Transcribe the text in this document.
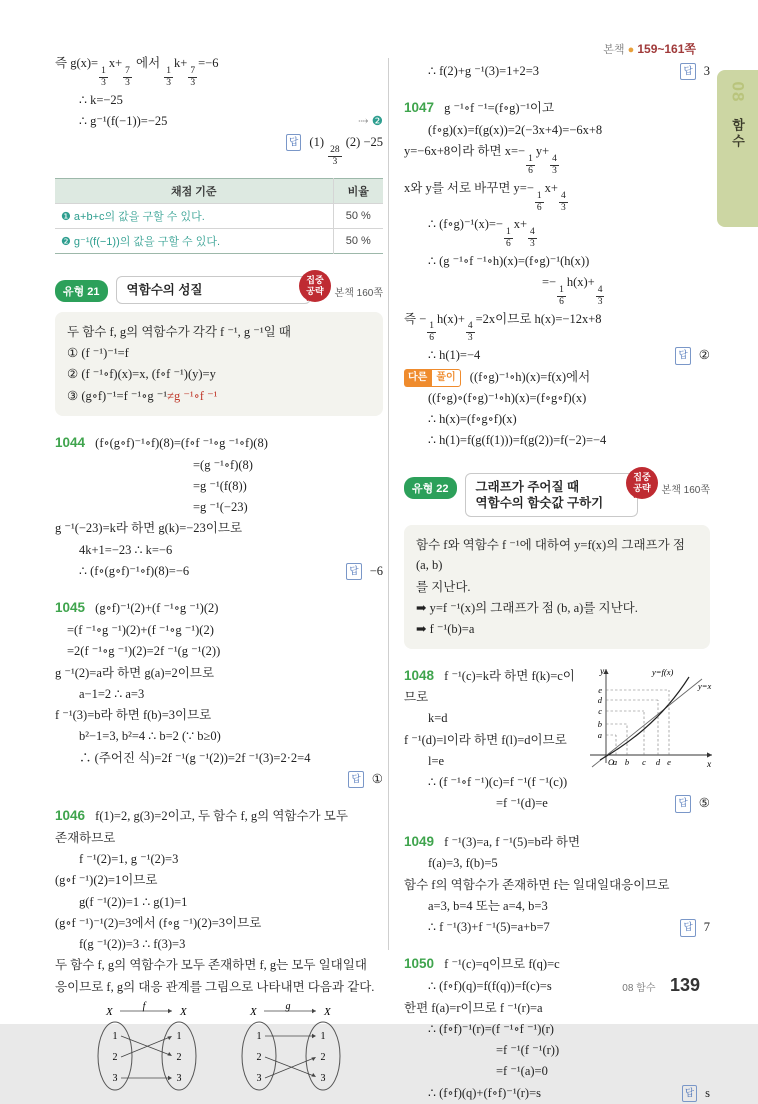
본책 ● 159~161쪽
08
함수
즉 g(x)=
$\frac{1}{3}$
x+
$\frac{7}{3}$
에서
$\frac{1}{3}$
k+
$\frac{7}{3}$
=−6
∴ k=−25
∴ g⁻¹(f(−1))=−25	⇢ ❷
답 (1)
$\frac{28}{3}$
(2) −25
채점 기준	비율
❶ a+b+c의 값을 구할 수 있다.	50 %
❷ g⁻¹(f(−1))의 값을 구할 수 있다.	50 %
유형 21	역함수의 성질
집중
공략	본책 160쪽
두 함수 f, g의 역함수가 각각 f ⁻¹, g ⁻¹일 때
① (f ⁻¹)⁻¹=f
② (f ⁻¹∘f)(x)=x, (f∘f ⁻¹)(y)=y
③ (g∘f)⁻¹=f ⁻¹∘g ⁻¹≠g ⁻¹∘f ⁻¹
1044 (f∘(g∘f)⁻¹∘f)(8)=(f∘f ⁻¹∘g ⁻¹∘f)(8)
=(g ⁻¹∘f)(8)
=g ⁻¹(f(8))
=g ⁻¹(−23)
g ⁻¹(−23)=k라 하면 g(k)=−23이므로
4k+1=−23 ∴ k=−6
∴ (f∘(g∘f)⁻¹∘f)(8)=−6	답 −6
1045 (g∘f)⁻¹(2)+(f ⁻¹∘g ⁻¹)(2)
=(f ⁻¹∘g ⁻¹)(2)+(f ⁻¹∘g ⁻¹)(2)
=2(f ⁻¹∘g ⁻¹)(2)=2f ⁻¹(g ⁻¹(2))
g ⁻¹(2)=a라 하면 g(a)=2이므로
a−1=2 ∴ a=3
f ⁻¹(3)=b라 하면 f(b)=3이므로
b²−1=3, b²=4 ∴ b=2 (∵ b≥0)
∴ (주어진 식)=2f ⁻¹(g ⁻¹(2))=2f ⁻¹(3)=2·2=4
답 ①
1046 f(1)=2, g(3)=2이고, 두 함수 f, g의 역함수가 모두
존재하므로
f ⁻¹(2)=1, g ⁻¹(2)=3
(g∘f ⁻¹)(2)=1이므로
g(f ⁻¹(2))=1 ∴ g(1)=1
(g∘f ⁻¹)⁻¹(2)=3에서 (f∘g ⁻¹)(2)=3이므로
f(g ⁻¹(2))=3 ∴ f(3)=3
두 함수 f, g의 역함수가 모두 존재하면 f, g는 모두 일대일대
응이므로 f, g의 대응 관계를 그림으로 나타내면 다음과 같다.
X	X
f
1
2
3
1
2
3
X	X
g
1
2
3
1
2
3
∴ f(2)+g ⁻¹(3)=1+2=3	답 3
1047 g ⁻¹∘f ⁻¹=(f∘g)⁻¹이고
(f∘g)(x)=f(g(x))=2(−3x+4)=−6x+8
y=−6x+8이라 하면 x=−
$\frac{1}{6}$
y+
$\frac{4}{3}$
x와 y를 서로 바꾸면 y=−
$\frac{1}{6}$
x+
$\frac{4}{3}$
∴ (f∘g)⁻¹(x)=−
$\frac{1}{6}$
x+
$\frac{4}{3}$
∴ (g ⁻¹∘f ⁻¹∘h)(x)=(f∘g)⁻¹(h(x))
=−
$\frac{1}{6}$
h(x)+
$\frac{4}{3}$
즉 −
$\frac{1}{6}$
h(x)+
$\frac{4}{3}$
=2x이므로 h(x)=−12x+8
∴ h(1)=−4	답 ②
다른 풀이	((f∘g)⁻¹∘h)(x)=f(x)에서
((f∘g)∘(f∘g)⁻¹∘h)(x)=(f∘g∘f)(x)
∴ h(x)=(f∘g∘f)(x)
∴ h(1)=f(g(f(1)))=f(g(2))=f(−2)=−4
유형 22	그래프가 주어질 때
역함수의 함숫값 구하기
집중
공략	본책 160쪽
함수 f와 역함수 f ⁻¹에 대하여 y=f(x)의 그래프가 점 (a, b)
를 지난다.
➡ y=f ⁻¹(x)의 그래프가 점 (b, a)를 지난다.
➡ f ⁻¹(b)=a
y
x
O
y=x
y=f(x)
a b c d e
a
b
c
d
e
1048 f ⁻¹(c)=k라 하면 f(k)=c이므로
k=d
f ⁻¹(d)=l이라 하면 f(l)=d이므로
l=e
∴ (f ⁻¹∘f ⁻¹)(c)=f ⁻¹(f ⁻¹(c))
=f ⁻¹(d)=e	답 ⑤
1049 f ⁻¹(3)=a, f ⁻¹(5)=b라 하면
f(a)=3, f(b)=5
함수 f의 역함수가 존재하면 f는 일대일대응이므로
a=3, b=4 또는 a=4, b=3
∴ f ⁻¹(3)+f ⁻¹(5)=a+b=7	답 7
1050 f ⁻¹(c)=q이므로 f(q)=c
∴ (f∘f)(q)=f(f(q))=f(c)=s
한편 f(a)=r이므로 f ⁻¹(r)=a
∴ (f∘f)⁻¹(r)=(f ⁻¹∘f ⁻¹)(r)
=f ⁻¹(f ⁻¹(r))
=f ⁻¹(a)=0
∴ (f∘f)(q)+(f∘f)⁻¹(r)=s	답 s
08 함수 139
